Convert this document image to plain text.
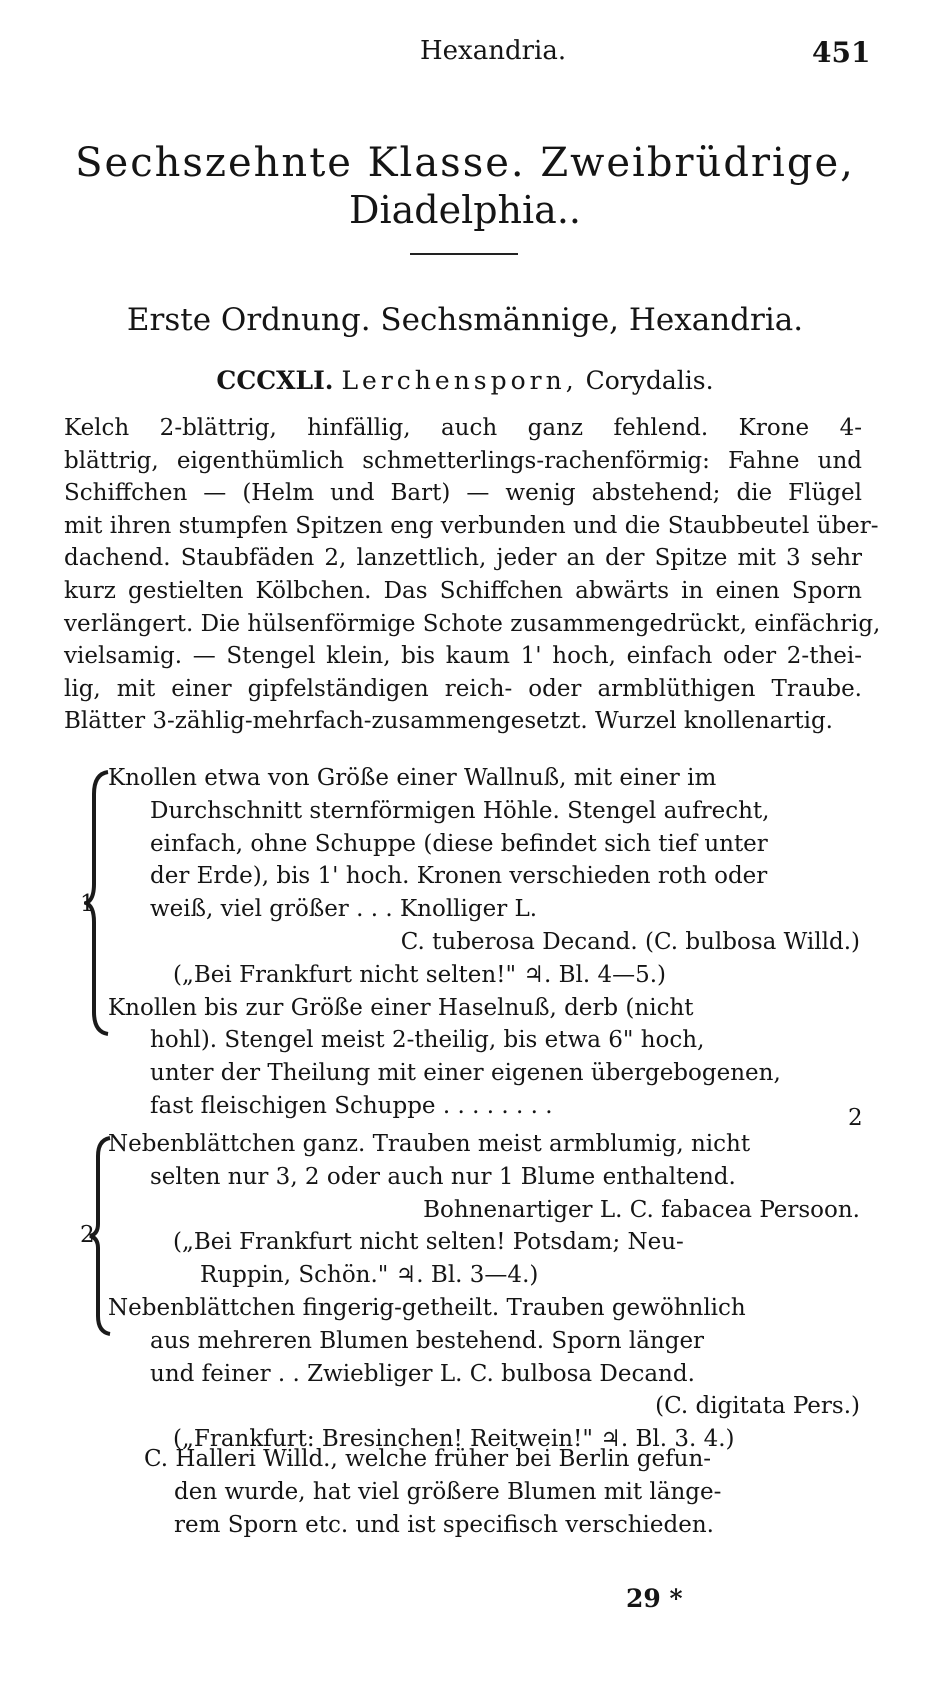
Hexandria.	451
Sechszehnte Klasse. Zweibrüdrige,
Diadelphia..
Erste Ordnung. Sechsmännige, Hexandria.
CCCXLI. Lerchensporn, Corydalis.

Kelch 2-blättrig, hinfällig, auch ganz fehlend. Krone 4-
blättrig, eigenthümlich schmetterlings-rachenförmig: Fahne und
Schiffchen — (Helm und Bart) — wenig abstehend; die Flügel
mit ihren stumpfen Spitzen eng verbunden und die Staubbeutel über-
dachend. Staubfäden 2, lanzettlich, jeder an der Spitze mit 3 sehr
kurz gestielten Kölbchen. Das Schiffchen abwärts in einen Sporn
verlängert. Die hülsenförmige Schote zusammengedrückt, einfächrig,
vielsamig. — Stengel klein, bis kaum 1' hoch, einfach oder 2-thei-
lig, mit einer gipfelständigen reich- oder armblüthigen Traube.
Blätter 3-zählig-mehrfach-zusammengesetzt. Wurzel knollenartig.

1
Knollen etwa von Größe einer Wallnuß, mit einer im
Durchschnitt sternförmigen Höhle. Stengel aufrecht,
einfach, ohne Schuppe (diese befindet sich tief unter
der Erde), bis 1' hoch. Kronen verschieden roth oder
weiß, viel größer . . . Knolliger L.
C. tuberosa Decand. (C. bulbosa Willd.)
(„Bei Frankfurt nicht selten!" ♃. Bl. 4—5.)
Knollen bis zur Größe einer Haselnuß, derb (nicht
hohl). Stengel meist 2-theilig, bis etwa 6" hoch,
unter der Theilung mit einer eigenen übergebogenen,
fast fleischigen Schuppe . . . . . . . .	2
2
Nebenblättchen ganz. Trauben meist armblumig, nicht
selten nur 3, 2 oder auch nur 1 Blume enthaltend.
Bohnenartiger L. C. fabacea Persoon.
(„Bei Frankfurt nicht selten! Potsdam; Neu-
Ruppin, Schön." ♃. Bl. 3—4.)
Nebenblättchen fingerig-getheilt. Trauben gewöhnlich
aus mehreren Blumen bestehend. Sporn länger
und feiner . . Zwiebliger L. C. bulbosa Decand.
(C. digitata Pers.)
(„Frankfurt: Bresinchen! Reitwein!" ♃. Bl. 3. 4.)
C. Halleri Willd., welche früher bei Berlin gefun-
den wurde, hat viel größere Blumen mit länge-
rem Sporn etc. und ist specifisch verschieden.
29 *
